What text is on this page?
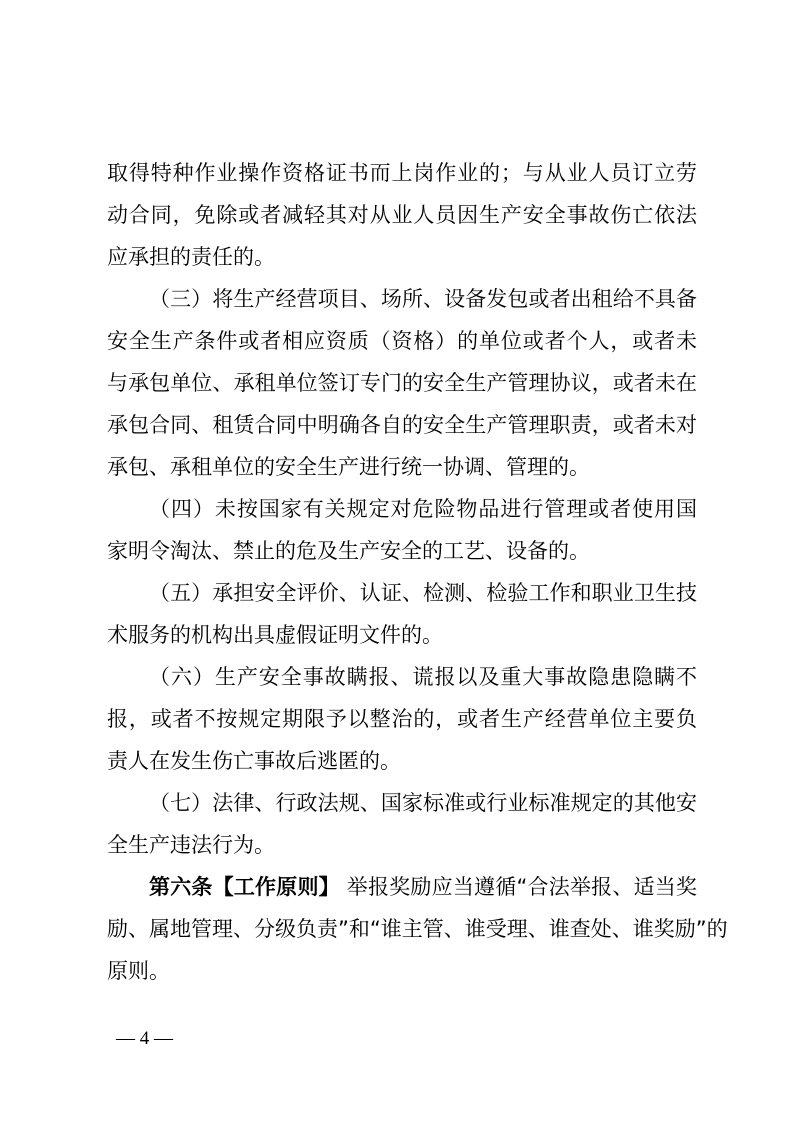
取得特种作业操作资格证书而上岗作业的；与从业人员订立劳
动合同，免除或者减轻其对从业人员因生产安全事故伤亡依法
应承担的责任的。

（三）将生产经营项目、场所、设备发包或者出租给不具备
安全生产条件或者相应资质（资格）的单位或者个人，或者未
与承包单位、承租单位签订专门的安全生产管理协议，或者未在
承包合同、租赁合同中明确各自的安全生产管理职责，或者未对
承包、承租单位的安全生产进行统一协调、管理的。

（四）未按国家有关规定对危险物品进行管理或者使用国
家明令淘汰、禁止的危及生产安全的工艺、设备的。

（五）承担安全评价、认证、检测、检验工作和职业卫生技
术服务的机构出具虚假证明文件的。

（六）生产安全事故瞒报、谎报以及重大事故隐患隐瞒不
报，或者不按规定期限予以整治的，或者生产经营单位主要负
责人在发生伤亡事故后逃匿的。

（七）法律、行政法规、国家标准或行业标准规定的其他安
全生产违法行为。

第六条【工作原则】 举报奖励应当遵循“合法举报、适当奖
励、属地管理、分级负责”和“谁主管、谁受理、谁查处、谁奖励”的
原则。

— 4 —
